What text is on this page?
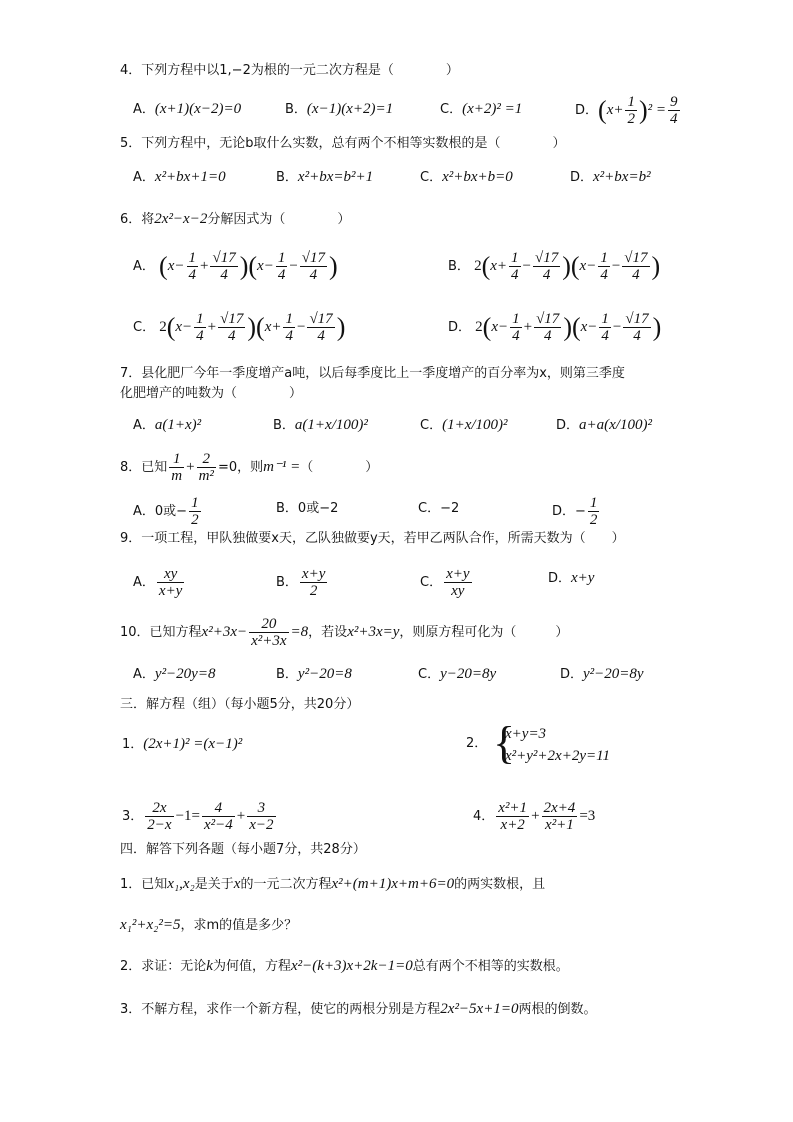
4．下列方程中以1,−2为根的一元二次方程是（　　　　）
A．(x+1)(x−2)=0	B．(x−1)(x+2)=1	C．(x+2)² =1	D．$(x+ \frac{1}{2} )^2 = \frac{9}{4}$
5．下列方程中，无论b取什么实数，总有两个不相等实数根的是（　　　　）
A．x²+bx+1=0	B．x²+bx=b²+1	C．x²+bx+b=0	D．x²+bx=b²
6．将2x²−x−2分解因式为（　　　　）
A． $(x- \frac{1}{4} + \frac{√17}{4} )(x- \frac{1}{4} - \frac{√17}{4}$ )	B． $2(x+ \frac{1}{4} - \frac{√17}{4} )(x- \frac{1}{4} - \frac{√17}{4}$ )
C． $2(x- \frac{1}{4} + \frac{√17}{4} )(x+ \frac{1}{4} - \frac{√17}{4}$ )	D． $2(x- \frac{1}{4} + \frac{√17}{4} )(x- \frac{1}{4} - \frac{√17}{4}$ )
7．县化肥厂今年一季度增产a吨，以后每季度比上一季度增产的百分率为x，则第三季度
化肥增产的吨数为（　　　　）
A．a(1+x)²	B．a(1+x/100)²	C．(1+x/100)²	D．a+a(x/100)²
8．已知 $\frac{1}{m} + \frac{2}{\text{m²}} =0$，则m⁻¹ =（　　　　）
A．0或− $\frac{1}{2}$	B．0或−2	C．−2	D．− $\frac{1}{2}$
9．一项工程，甲队独做要x天，乙队独做要y天，若甲乙两队合作，所需天数为（　　）
A． $\frac{xy}{x+y}$	B． $\frac{x+y}{2}$	C． $\frac{x+y}{xy}$	D．x+y
10．已知方程$x^2+3x- \frac{20}{\text{x²+3x}} =8$，若设x²+3x=y，则原方程可化为（　　　）
A．y²−20y=8	B．y²−20=8	C．y−20=8y	D．y²−20=8y
三．解方程（组）（每小题5分，共20分）
1．(2x+1)² =(x−1)²	2． {
x+y=3
x²+y²+2x+2y=11
3． $\frac{2x}{2-x} -1= \frac{4}{\text{x²−4}} + \frac{3}{x-2}$	4． $\frac{\text{x²+1}}{x+2} + \frac{2x+4}{\text{x²+1}} =3$
四．解答下列各题（每小题7分，共28分）
1．已知x₁,x₂是关于x的一元二次方程x²+(m+1)x+m+6=0的两实数根，且
x₁²+x₂²=5，求m的值是多少？
2．求证：无论k为何值，方程x²−(k+3)x+2k−1=0总有两个不相等的实数根。
3．不解方程，求作一个新方程，使它的两根分别是方程2x²−5x+1=0两根的倒数。
